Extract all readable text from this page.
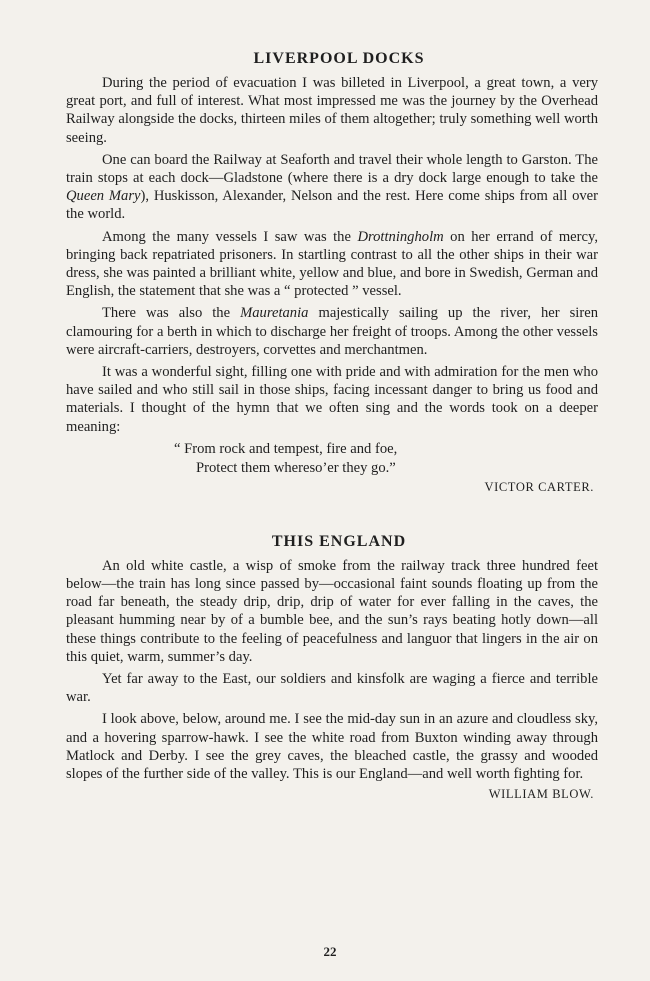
LIVERPOOL DOCKS

During the period of evacuation I was billeted in Liverpool, a great town, a very great port, and full of interest. What most impressed me was the journey by the Overhead Railway alongside the docks, thirteen miles of them altogether; truly something well worth seeing.

One can board the Railway at Seaforth and travel their whole length to Garston. The train stops at each dock—Gladstone (where there is a dry dock large enough to take the Queen Mary), Huskisson, Alexander, Nelson and the rest. Here come ships from all over the world.

Among the many vessels I saw was the Drottningholm on her errand of mercy, bringing back repatriated prisoners. In startling contrast to all the other ships in their war dress, she was painted a brilliant white, yellow and blue, and bore in Swedish, German and English, the statement that she was a “ protected ” vessel.

There was also the Mauretania majestically sailing up the river, her siren clamouring for a berth in which to discharge her freight of troops. Among the other vessels were aircraft-carriers, destroyers, corvettes and merchantmen.

It was a wonderful sight, filling one with pride and with admiration for the men who have sailed and who still sail in those ships, facing incessant danger to bring us food and materials. I thought of the hymn that we often sing and the words took on a deeper meaning:

“ From rock and tempest, fire and foe,
Protect them whereso’er they go.”
VICTOR CARTER.
THIS ENGLAND

An old white castle, a wisp of smoke from the railway track three hundred feet below—the train has long since passed by—occasional faint sounds floating up from the road far beneath, the steady drip, drip, drip of water for ever falling in the caves, the pleasant humming near by of a bumble bee, and the sun’s rays beating hotly down—all these things contribute to the feeling of peacefulness and languor that lingers in the air on this quiet, warm, summer’s day.

Yet far away to the East, our soldiers and kinsfolk are waging a fierce and terrible war.

I look above, below, around me. I see the mid-day sun in an azure and cloudless sky, and a hovering sparrow-hawk. I see the white road from Buxton winding away through Matlock and Derby. I see the grey caves, the bleached castle, the grassy and wooded slopes of the further side of the valley. This is our England—and well worth fighting for.

WILLIAM BLOW.
22
